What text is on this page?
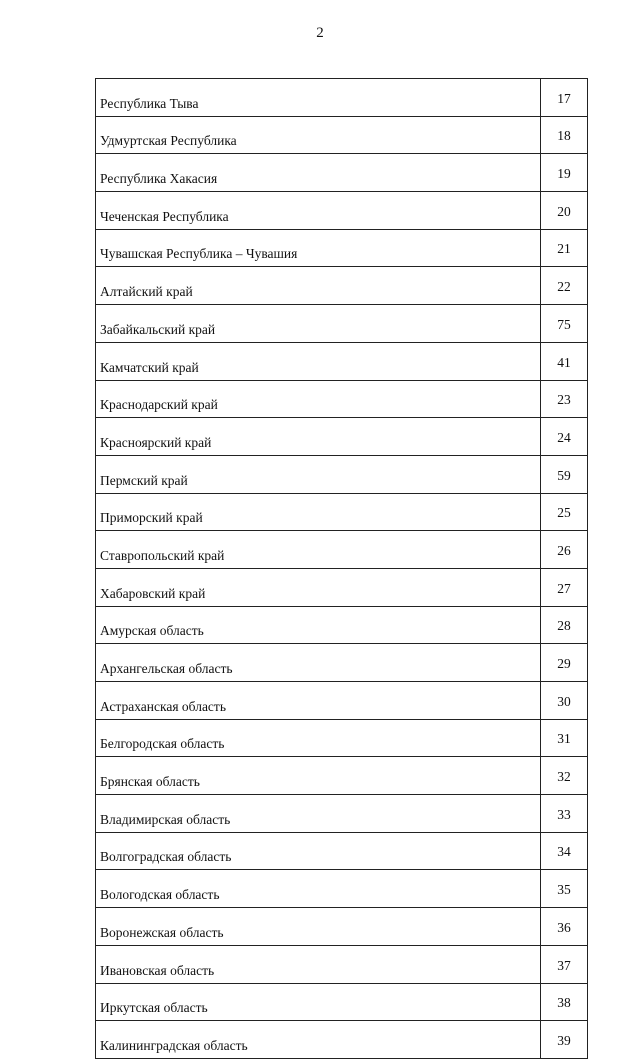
2
Республика Тыва	17
Удмуртская Республика	18
Республика Хакасия	19
Чеченская Республика	20
Чувашская Республика – Чувашия	21
Алтайский край	22
Забайкальский край	75
Камчатский край	41
Краснодарский край	23
Красноярский край	24
Пермский край	59
Приморский край	25
Ставропольский край	26
Хабаровский край	27
Амурская область	28
Архангельская область	29
Астраханская область	30
Белгородская область	31
Брянская область	32
Владимирская область	33
Волгоградская область	34
Вологодская область	35
Воронежская область	36
Ивановская область	37
Иркутская область	38
Калининградская область	39
